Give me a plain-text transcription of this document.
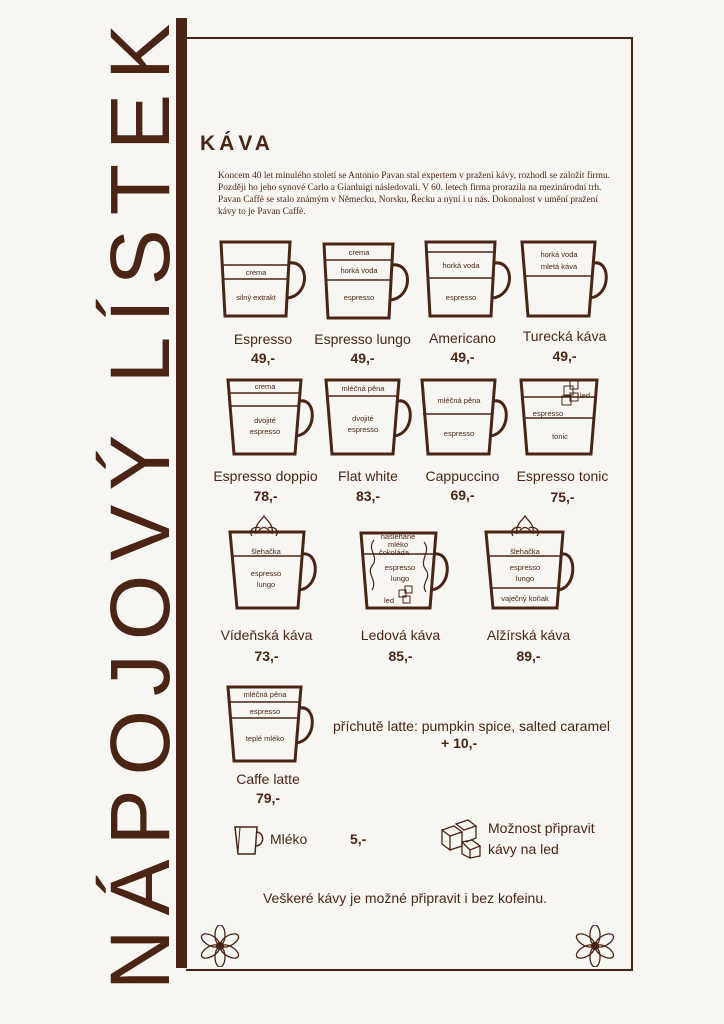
NÁPOJOVÝ LÍSTEK KÁVA
Koncem 40 let minulého století se Antonio Pavan stal expertem v pražení kávy, rozhodl se založit firmu. Později ho jeho synové Carlo a Gianluigi následovali. V 60. letech firma prorazila na mezinárodní trh. Pavan Caffè se stalo známým v Německu, Norsku, Řecku a nyní i u nás. Dokonalost v umění pražení kávy to je Pavan Caffè.
crema
silný extrakt
Espresso
49,-
crema
horká voda
espresso
Espresso lungo
49,-
horká voda
espresso
Americano
49,-
horká voda
mletá káva
Turecká káva
49,-
crema
dvojité
espresso
Espresso doppio
78,-
mléčná pěna
dvojité
espresso
Flat white
83,-
mléčná pěna
espresso
Cappuccino
69,-
led
espresso
tonic
Espresso tonic
75,-
šlehačka
espresso
lungo
Vídeňská káva
73,-
našlehané
mléko
čokoláda
espresso
lungo
led
Ledová káva
85,-
šlehačka
espresso
lungo
vaječný koňak
Alžírská káva
89,-
mléčná pěna
espresso
teplé mléko
Caffe latte
79,-
příchutě latte: pumpkin spice, salted caramel
+ 10,-
Mléko	5,-
Možnost připravit
kávy na led
Veškeré kávy je možné připravit i bez kofeinu.
